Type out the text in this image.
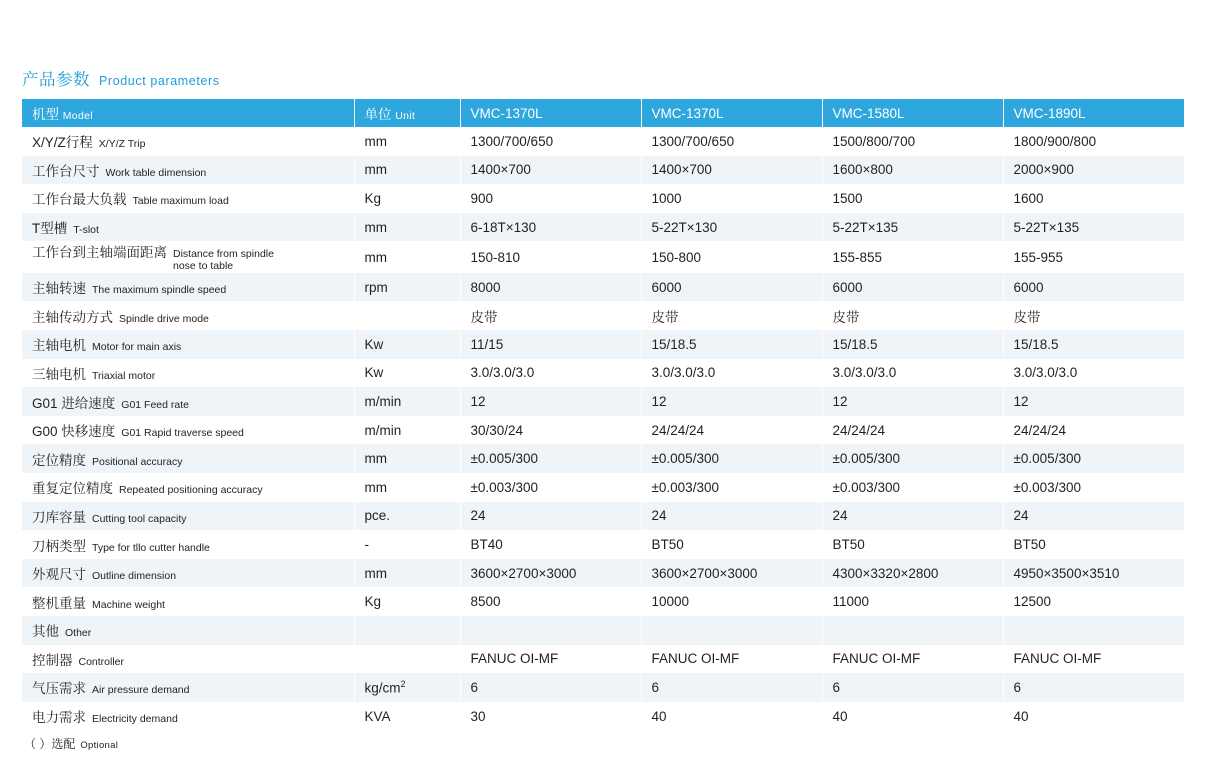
产品参数 Product parameters
机型 Model	单位 Unit	VMC-1370L	VMC-1370L	VMC-1580L	VMC-1890L

X/Y/Z行程 X/Y/Z Trip	mm	1300/700/650	1300/700/650	1500/800/700	1800/900/800

工作台尺寸 Work table dimension	mm	1400×700	1400×700	1600×800	2000×900

工作台最大负载 Table maximum load	Kg	900	1000	1500	1600

T型槽 T-slot	mm	6-18T×130	5-22T×130	5-22T×135	5-22T×135

工作台到主轴端面距离 Distance from spindle nose to table	mm	150-810	150-800	155-855	155-955

主轴转速 The maximum spindle speed	rpm	8000	6000	6000	6000

主轴传动方式 Spindle drive mode		皮带	皮带	皮带	皮带

主轴电机 Motor for main axis	Kw	11/15	15/18.5	15/18.5	15/18.5

三轴电机 Triaxial motor	Kw	3.0/3.0/3.0	3.0/3.0/3.0	3.0/3.0/3.0	3.0/3.0/3.0

G01 进给速度 G01 Feed rate	m/min	12	12	12	12

G00 快移速度 G01 Rapid traverse speed	m/min	30/30/24	24/24/24	24/24/24	24/24/24

定位精度 Positional accuracy	mm	±0.005/300	±0.005/300	±0.005/300	±0.005/300

重复定位精度 Repeated positioning accuracy	mm	±0.003/300	±0.003/300	±0.003/300	±0.003/300

刀库容量 Cutting tool capacity	pce.	24	24	24	24

刀柄类型 Type for tllo cutter handle	-	BT40	BT50	BT50	BT50

外观尺寸 Outline dimension	mm	3600×2700×3000	3600×2700×3000	4300×3320×2800	4950×3500×3510

整机重量 Machine weight	Kg	8500	10000	11000	12500

其他 Other					

控制器 Controller		FANUC OI-MF	FANUC OI-MF	FANUC OI-MF	FANUC OI-MF

气压需求 Air pressure demand	$kg/cm^2$	6	6	6	6

电力需求 Electricity demand	KVA	30	40	40	40
（ ）选配 Optional
